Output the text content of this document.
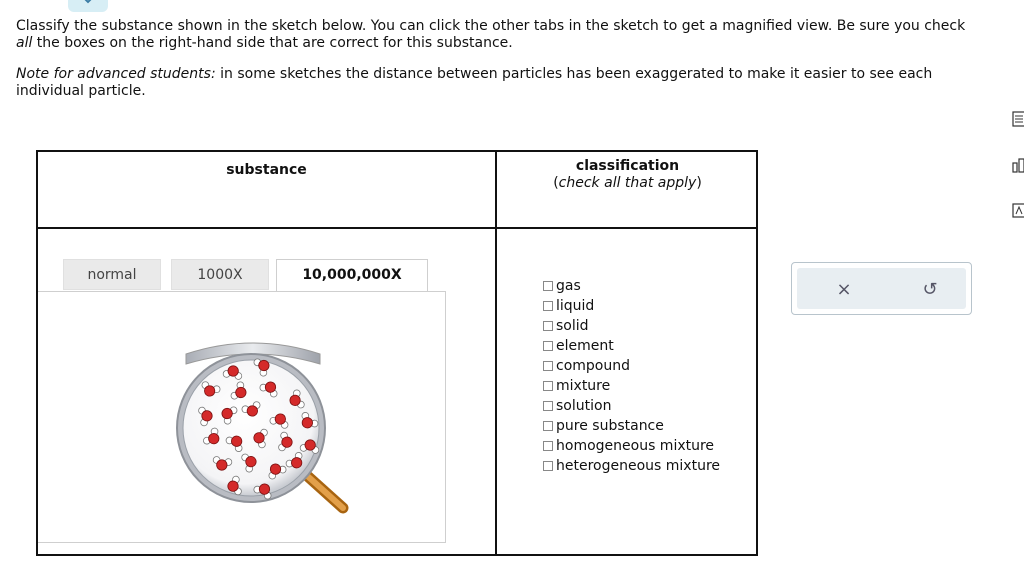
Classify the substance shown in the sketch below. You can click the other tabs in the sketch to get a magnified view. Be sure you check all the boxes on the right-hand side that are correct for this substance.

Note for advanced students: in some sketches the distance between particles has been exaggerated to make it easier to see each individual particle.

substance	classification
(check all that apply)
normal	1000X	10,000,000X
gas
liquid
solid
element
compound
mixture
solution
pure substance
homogeneous mixture
heterogeneous mixture
×	↺
